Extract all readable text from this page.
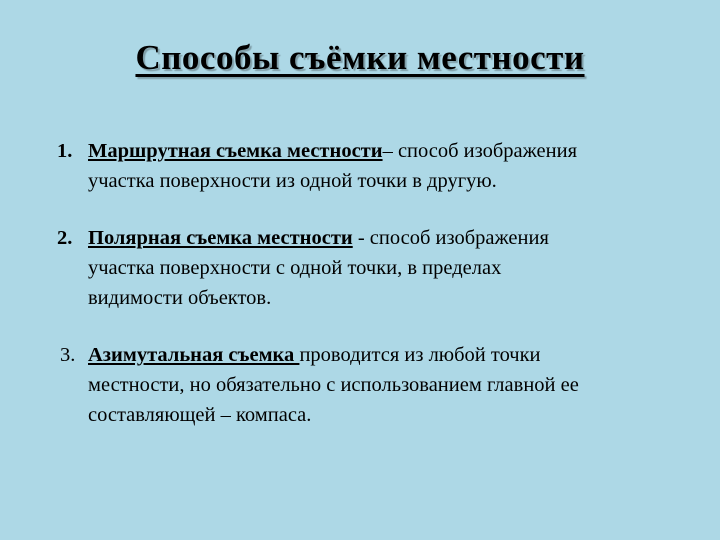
Способы съёмки местности
1. Маршрутная съемка местности– способ изображения
участка поверхности из одной точки в другую.
2. Полярная съемка местности - способ изображения
участка поверхности с одной точки, в пределах
видимости объектов.
3. Азимутальная съемка проводится из любой точки
местности, но обязательно с использованием главной ее
составляющей – компаса.
